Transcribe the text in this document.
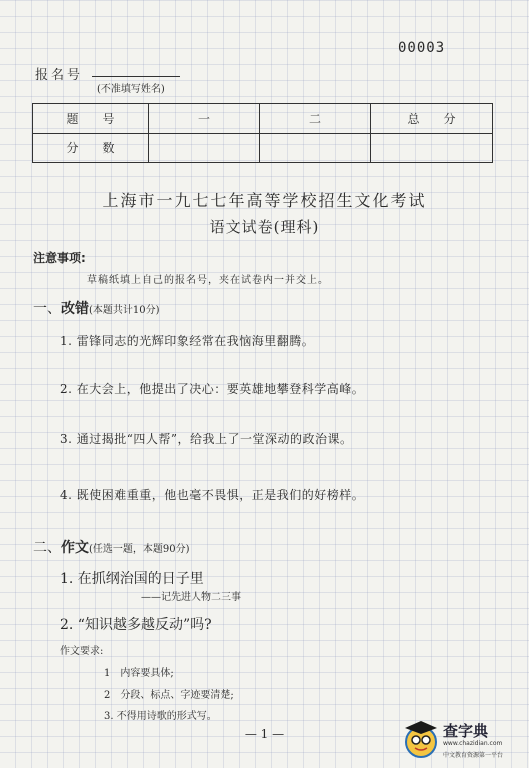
00003
报名号
(不准填写姓名)
题　　号	一	二	总　　分
分　　数			
上海市一九七七年高等学校招生文化考试
语文试卷(理科)
注意事项:
草稿纸填上自己的报名号，夹在试卷内一并交上。
一、改错(本题共计10分)
1. 雷锋同志的光辉印象经常在我恼海里翻腾。
2. 在大会上，他提出了决心：要英雄地攀登科学高峰。
3. 通过揭批“四人帮”，给我上了一堂深动的政治课。
4. 既使困难重重，他也毫不畏惧，正是我们的好榜样。
二、作文(任选一题，本题90分)
1. 在抓纲治国的日子里
——记先进人物二三事
2. “知识越多越反动”吗?
作文要求:
1　内容要具体;
2　分段、标点、字迹要清楚;
3. 不得用诗歌的形式写。
— 1 —	查字典
www.chazidian.com
中文教育资源第一平台
